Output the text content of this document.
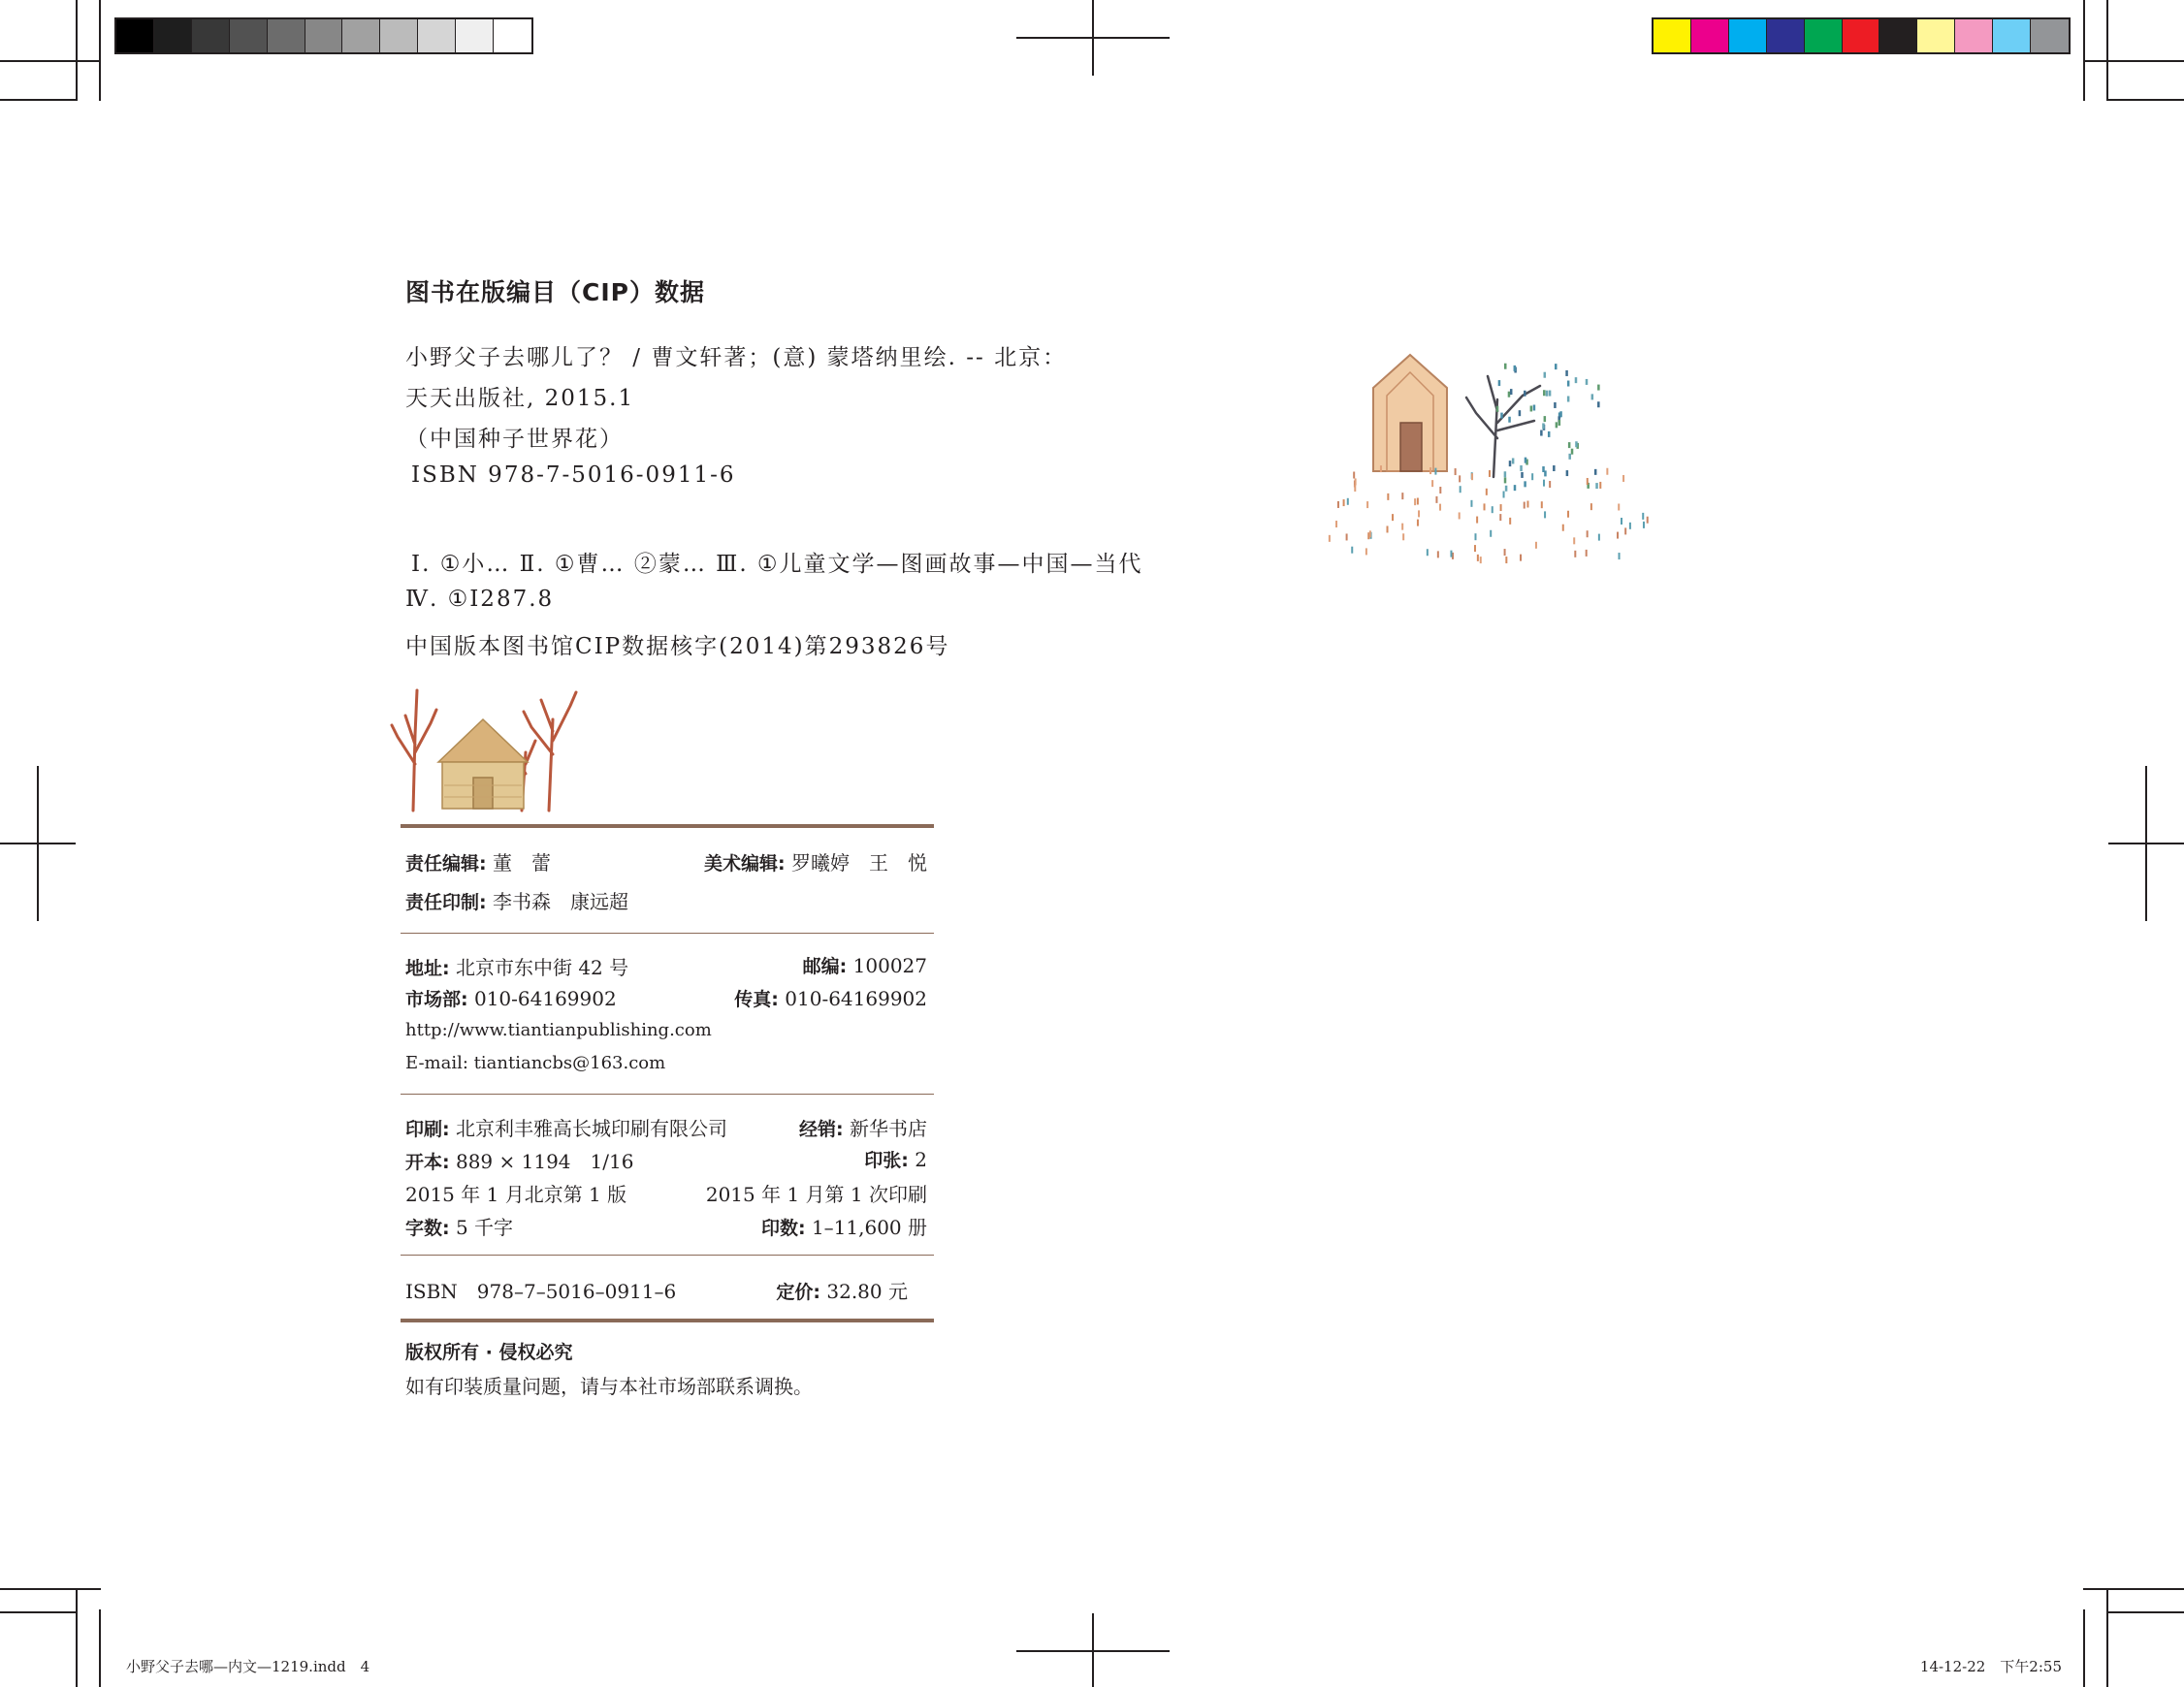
图书在版编目（CIP）数据
小野父子去哪儿了？ / 曹文轩著；(意) 蒙塔纳里绘. -- 北京：
天天出版社, 2015.1
（中国种子世界花）
ISBN 978-7-5016-0911-6
Ⅰ. ①小… Ⅱ. ①曹… ②蒙… Ⅲ. ①儿童文学—图画故事—中国—当代
Ⅳ. ①I287.8
中国版本图书馆CIP数据核字(2014)第293826号
责任编辑: 董　蕾	美术编辑: 罗曦婷　王　悦
责任印制: 李书森　康远超
地址: 北京市东中街 42 号	邮编: 100027
市场部: 010-64169902	传真: 010-64169902
http://www.tiantianpublishing.com
E-mail: tiantiancbs@163.com
印刷: 北京利丰雅高长城印刷有限公司	经销: 新华书店
开本: 889 × 1194　1/16	印张: 2
2015 年 1 月北京第 1 版	2015 年 1 月第 1 次印刷
字数: 5 千字	印数: 1–11,600 册
ISBN　978–7–5016–0911–6	定价: 32.80 元
版权所有 · 侵权必究
如有印装质量问题，请与本社市场部联系调换。
小野父子去哪—内文—1219.indd　4	14-12-22　下午2:55
